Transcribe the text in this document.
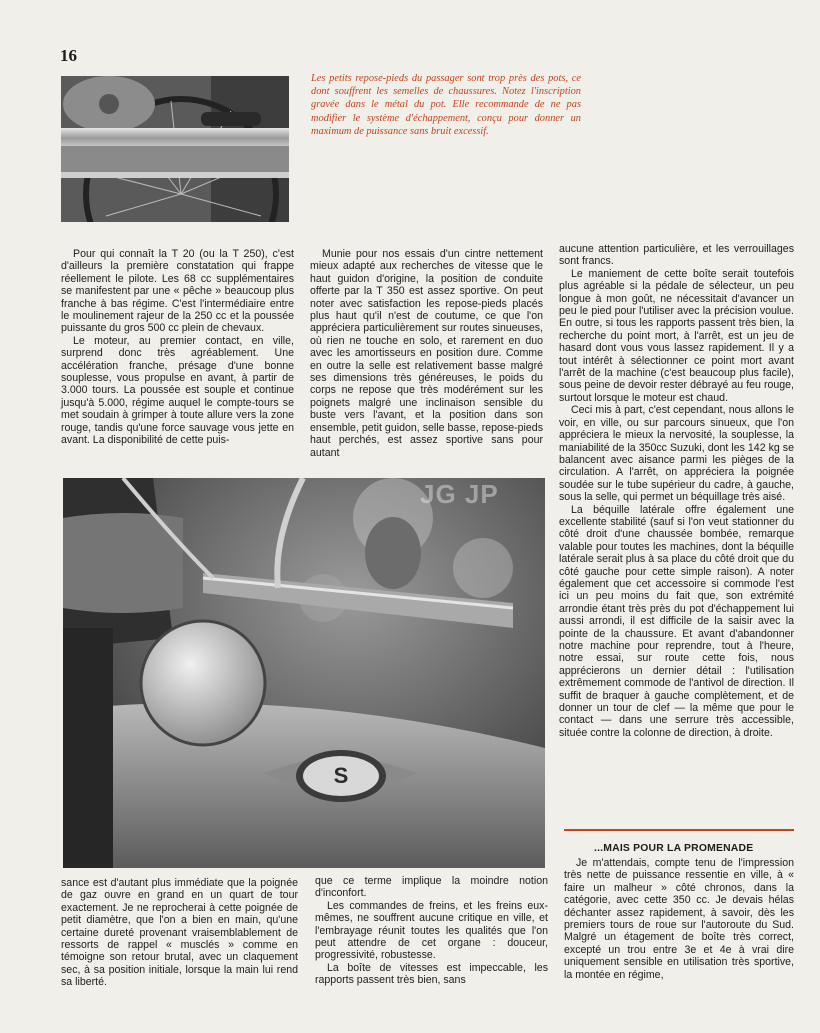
16
Les petits repose-pieds du passager sont trop près des pots, ce dont souffrent les semelles de chaussures. Notez l'inscription gravée dans le métal du pot. Elle recommande de ne pas modifier le système d'échappement, conçu pour donner un maximum de puissance sans bruit excessif.

Pour qui connaît la T 20 (ou la T 250), c'est d'ailleurs la première constatation qui frappe réellement le pilote. Les 68 cc supplémentaires se manifestent par une « pêche » beaucoup plus franche à bas régime. C'est l'intermédiaire entre le moulinement rajeur de la 250 cc et la poussée puissante du gros 500 cc plein de chevaux.

Le moteur, au premier contact, en ville, surprend donc très agréablement. Une accélération franche, présage d'une bonne souplesse, vous propulse en avant, à partir de 3.000 tours. La poussée est souple et continue jusqu'à 5.000, régime auquel le compte-tours se met soudain à grimper à toute allure vers la zone rouge, tandis qu'une force sauvage vous jette en avant. La disponibilité de cette puis-

Munie pour nos essais d'un cintre nettement mieux adapté aux recherches de vitesse que le haut guidon d'origine, la position de conduite offerte par la T 350 est assez sportive. On peut noter avec satisfaction les repose-pieds placés plus haut qu'il n'est de coutume, ce que l'on appréciera particulièrement sur routes sinueuses, où rien ne touche en solo, et rarement en duo avec les amortisseurs en position dure. Comme en outre la selle est relativement basse malgré ses dimensions très généreuses, le poids du corps ne repose que très modérément sur les poignets malgré une inclinaison sensible du buste vers l'avant, et la position dans son ensemble, petit guidon, selle basse, repose-pieds haut perchés, est assez sportive sans pour autant

aucune attention particulière, et les verrouillages sont francs.

Le maniement de cette boîte serait toutefois plus agréable si la pédale de sélecteur, un peu longue à mon goût, ne nécessitait d'avancer un peu le pied pour l'utiliser avec la précision voulue. En outre, si tous les rapports passent très bien, la recherche du point mort, à l'arrêt, est un jeu de hasard dont vous vous lassez rapidement. Il y a tout intérêt à sélectionner ce point mort avant l'arrêt de la machine (c'est beaucoup plus facile), sous peine de devoir rester débrayé au feu rouge, surtout lorsque le moteur est chaud.

Ceci mis à part, c'est cependant, nous allons le voir, en ville, ou sur parcours sinueux, que l'on appréciera le mieux la nervosité, la souplesse, la maniabilité de la 350cc Suzuki, dont les 142 kg se balancent avec aisance parmi les pièges de la circulation. A l'arrêt, on appréciera la poignée soudée sur le tube supérieur du cadre, à gauche, sous la selle, qui permet un béquillage très aisé.

La béquille latérale offre également une excellente stabilité (sauf si l'on veut stationner du côté droit d'une chaussée bombée, remarque valable pour toutes les machines, dont la béquille latérale serait plus à sa place du côté droit que du côté gauche pour cette simple raison). A noter également que cet accessoire si commode l'est ici un peu moins du fait que, son extrémité arrondie étant très près du pot d'échappement lui aussi arrondi, il est difficile de la saisir avec la pointe de la chaussure. Et avant d'abandonner notre machine pour reprendre, tout à l'heure, notre essai, sur route cette fois, nous apprécierons un dernier détail : l'utilisation extrêmement commode de l'antivol de direction. Il suffit de braquer à gauche complètement, et de donner un tour de clef — la même que pour le contact — dans une serrure très accessible, située contre la colonne de direction, à droite.

S
JG JP

sance est d'autant plus immédiate que la poignée de gaz ouvre en grand en un quart de tour exactement. Je ne reprocherai à cette poignée de petit diamètre, que l'on a bien en main, qu'une certaine dureté provenant vraisemblablement de ressorts de rappel « musclés » comme en témoigne son retour brutal, avec un claquement sec, à sa position initiale, lorsque la main lui rend sa liberté.

que ce terme implique la moindre notion d'inconfort.

Les commandes de freins, et les freins eux-mêmes, ne souffrent aucune critique en ville, et l'embrayage réunit toutes les qualités que l'on peut attendre de cet organe : douceur, progressivité, robustesse.

La boîte de vitesses est impeccable, les rapports passent très bien, sans

...MAIS POUR LA PROMENADE

Je m'attendais, compte tenu de l'impression très nette de puissance ressentie en ville, à « faire un malheur » côté chronos, dans la catégorie, avec cette 350 cc. Je devais hélas déchanter assez rapidement, à savoir, dès les premiers tours de roue sur l'autoroute du Sud. Malgré un étagement de boîte très correct, excepté un trou entre 3e et 4e à vrai dire uniquement sensible en utilisation très sportive, la montée en régime,
